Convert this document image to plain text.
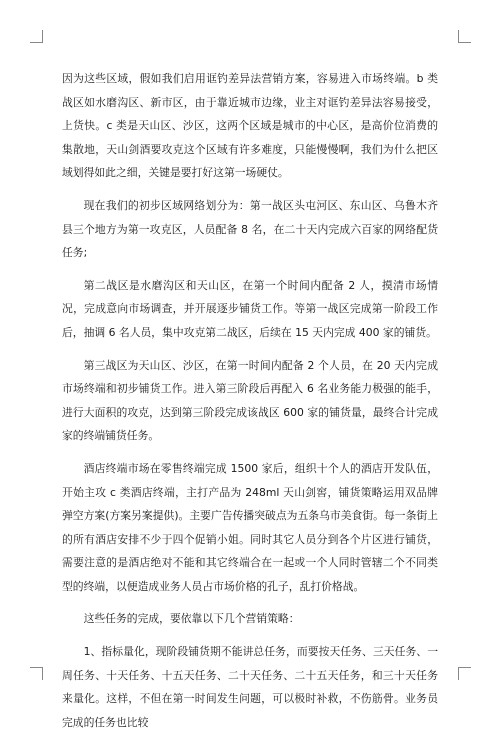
因为这些区域，假如我们启用诓钓差异法营销方案，容易进入市场终端。b 类战区如水磨沟区、新市区，由于靠近城市边缘，业主对诓钓差异法容易接受，上货快。c 类是天山区、沙区，这两个区域是城市的中心区，是高价位消费的集散地，天山剑酒要攻克这个区域有许多难度，只能慢慢啊，我们为什么把区域划得如此之细，关键是要打好这第一场硬仗。

现在我们的初步区域网络划分为：第一战区头屯河区、东山区、乌鲁木齐县三个地方为第一攻克区，人员配备 8 名，在二十天内完成六百家的网络配货任务;

第二战区是水磨沟区和天山区，在第一个时间内配备 2 人，摸清市场情况，完成意向市场调查，并开展逐步铺货工作。等第一战区完成第一阶段工作后，抽调 6 名人员，集中攻克第二战区，后续在 15 天内完成 400 家的铺货。

第三战区为天山区、沙区，在第一时间内配备 2 个人员，在 20 天内完成市场终端和初步铺货工作。进入第三阶段后再配入 6 名业务能力极强的能手，进行大面积的攻克，达到第三阶段完成该战区 600 家的铺货量，最终合计完成家的终端铺货任务。

酒店终端市场在零售终端完成 1500 家后，组织十个人的酒店开发队伍，开始主攻 c 类酒店终端，主打产品为 248ml 天山剑窖，铺货策略运用双品牌弹空方案(方案另案提供)。主要广告传播突破点为五条乌市美食街。每一条街上的所有酒店安排不少于四个促销小姐。同时其它人员分到各个片区进行铺货，需要注意的是酒店绝对不能和其它终端合在一起或一个人同时管辖二个不同类型的终端，以便造成业务人员占市场价格的孔子，乱打价格战。

这些任务的完成，要依靠以下几个营销策略：

1、指标量化，现阶段铺货期不能讲总任务，而要按天任务、三天任务、一周任务、十天任务、十五天任务、二十天任务、二十五天任务，和三十天任务来量化。这样，不但在第一时间发生问题，可以极时补救，不伤筋骨。业务员完成的任务也比较
